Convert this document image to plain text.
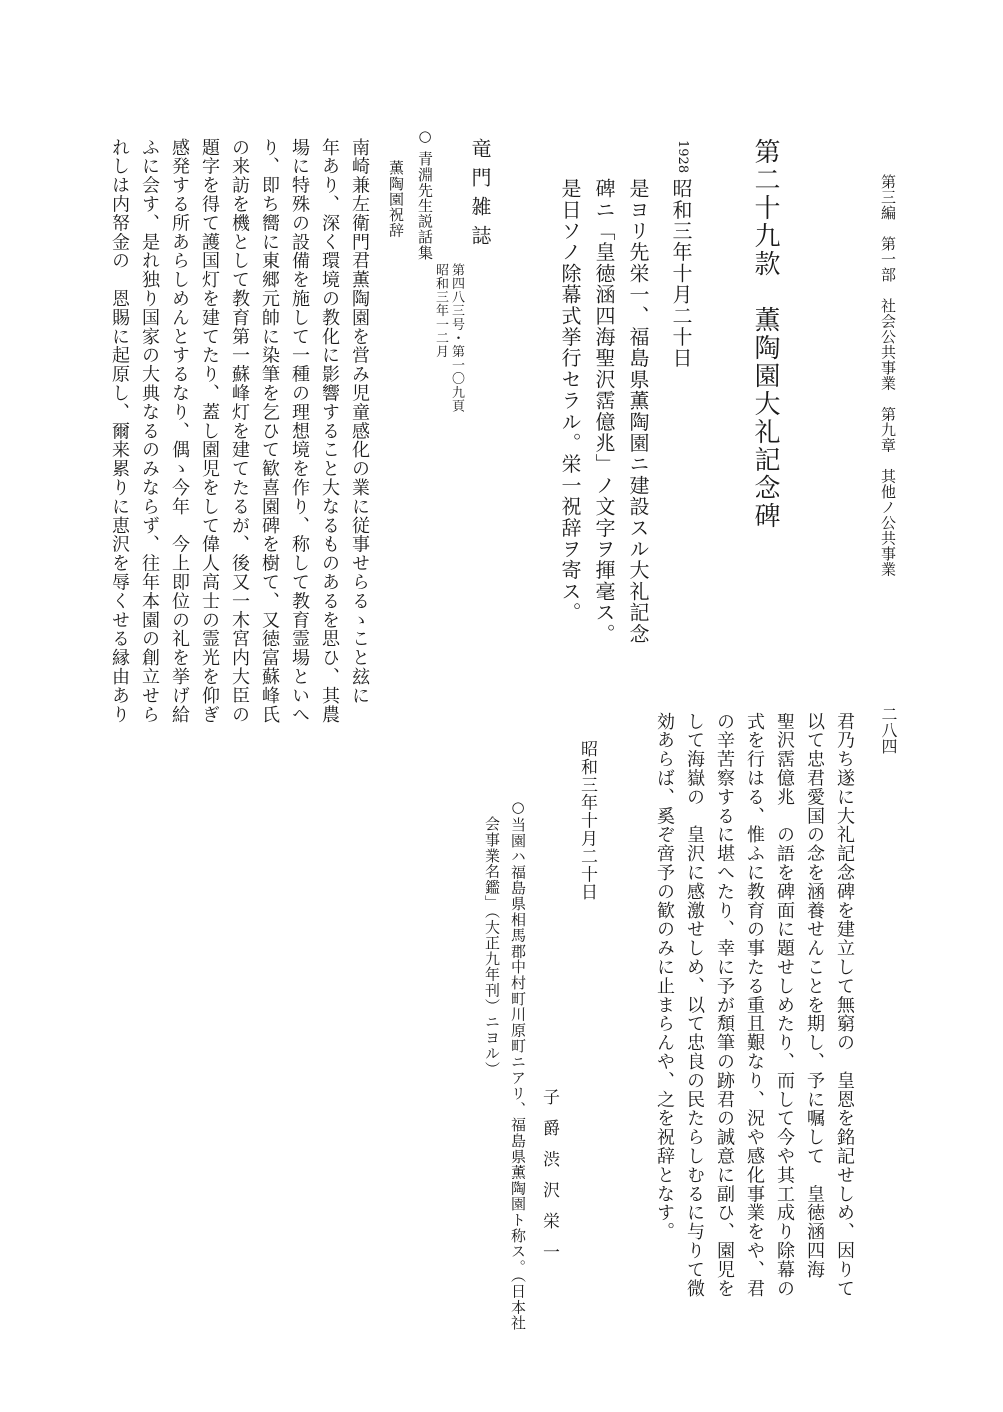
第三編　第一部　社会公共事業　第九章　其他ノ公共事業
二八四
第二十九款　薫陶園大礼記念碑
1928
昭和三年十月二十日
是ヨリ先栄一、福島県薫陶園ニ建設スル大礼記念
碑ニ「皇徳涵四海聖沢霑億兆」ノ文字ヲ揮毫ス。
是日ソノ除幕式挙行セラル。栄一祝辞ヲ寄ス。
竜門雑誌
第四八三号・第一〇九頁
昭和三年一二月
○ 青淵先生説話集
薫陶園祝辞
南崎兼左衛門君薫陶園を営み児童感化の業に従事せらるゝこと玆に
年あり、深く環境の教化に影響すること大なるものあるを思ひ、其農
場に特殊の設備を施して一種の理想境を作り、称して教育霊場といへ
り、即ち嚮に東郷元帥に染筆を乞ひて歓喜園碑を樹て、又徳富蘇峰氏
の来訪を機として教育第一蘇峰灯を建てたるが、後又一木宮内大臣の
題字を得て護国灯を建てたり、蓋し園児をして偉人高士の霊光を仰ぎ
感発する所あらしめんとするなり、偶ゝ今年　今上即位の礼を挙げ給
ふに会す、是れ独り国家の大典なるのみならず、往年本園の創立せら
れしは内帑金の　恩賜に起原し、爾来累りに恵沢を辱くせる縁由あり
君乃ち遂に大礼記念碑を建立して無窮の　皇恩を銘記せしめ、因りて
以て忠君愛国の念を涵養せんことを期し、予に嘱して　皇徳涵四海
聖沢霑億兆　の語を碑面に題せしめたり、而して今や其工成り除幕の
式を行はる、惟ふに教育の事たる重且艱なり、況や感化事業をや、君
の辛苦察するに堪へたり、幸に予が頽筆の跡君の誠意に副ひ、園児を
して海嶽の　皇沢に感激せしめ、以て忠良の民たらしむるに与りて微
効あらば、奚ぞ啻予の歓のみに止まらんや、之を祝辞となす。
昭和三年十月二十日
子爵渋沢栄一
○当園ハ福島県相馬郡中村町川原町ニアリ、福島県薫陶園ト称ス。（日本社
会事業名鑑」（大正九年刊）ニヨル）
